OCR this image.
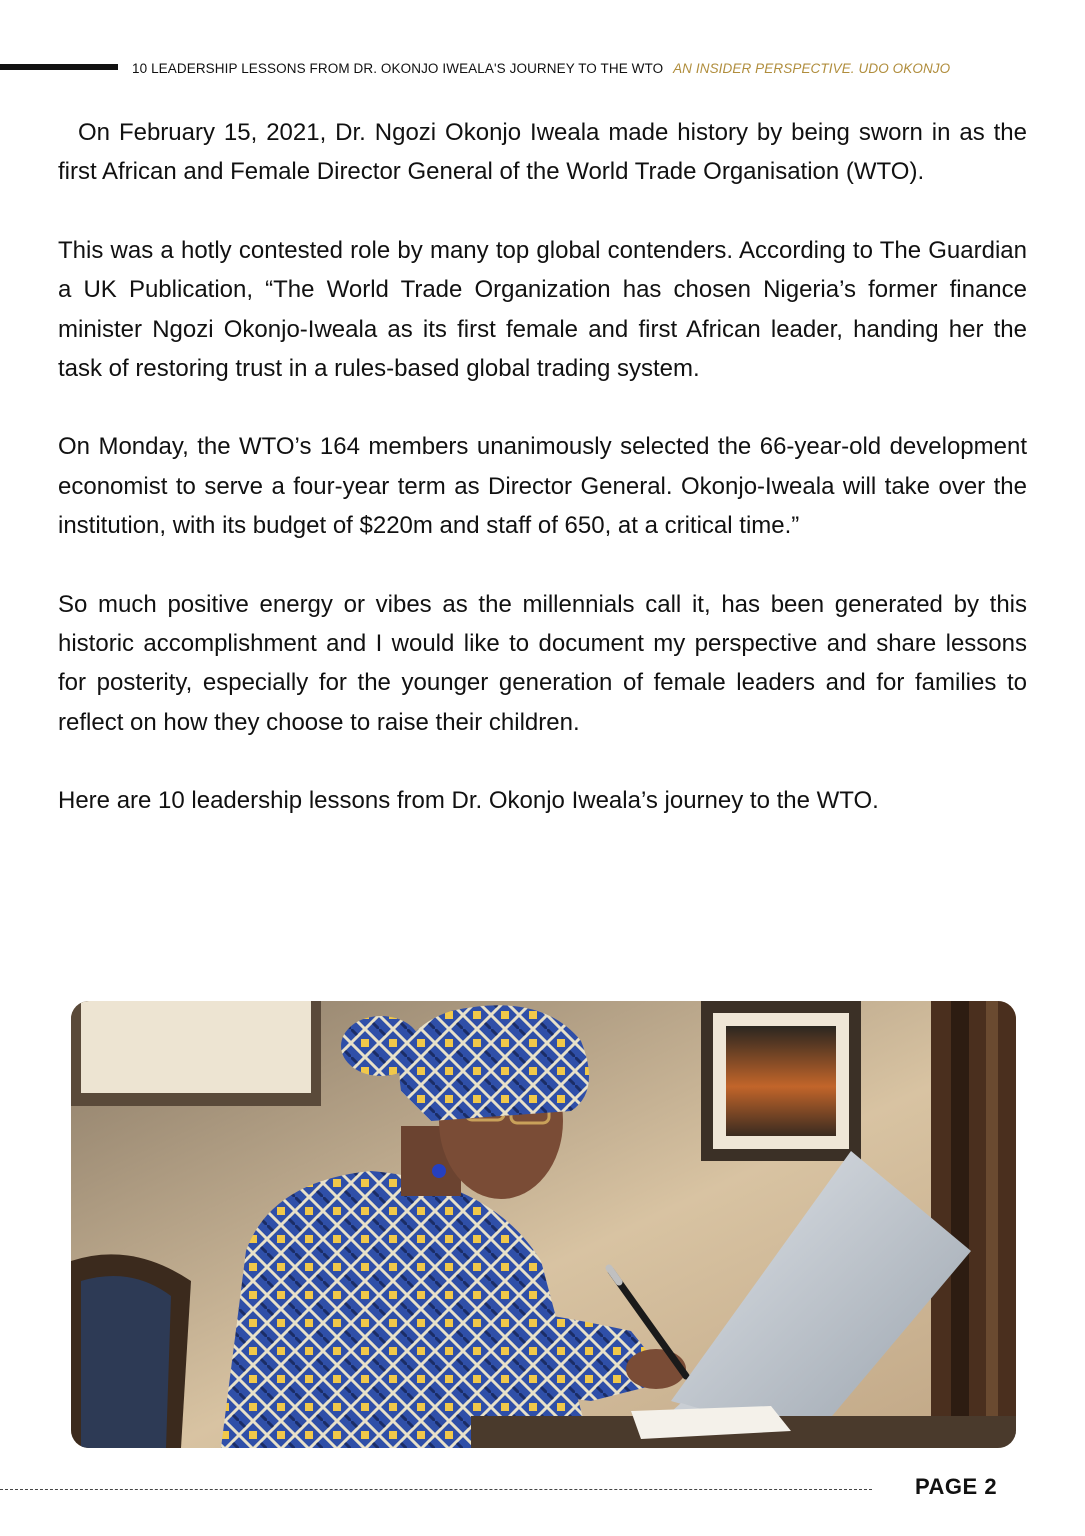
10 LEADERSHIP LESSONS FROM DR. OKONJO IWEALA'S JOURNEY TO THE WTO AN INSIDER PERSPECTIVE. UDO OKONJO

On February 15, 2021, Dr. Ngozi Okonjo Iweala made history by being sworn in as the first African and Female Director General of the World Trade Organisation (WTO).

This was a hotly contested role by many top global contenders. According to The Guardian a UK Publication, “The World Trade Organization has chosen Nigeria’s former finance minister Ngozi Okonjo-Iweala as its first female and first African leader, handing her the task of restoring trust in a rules-based global trading system.

On Monday, the WTO’s 164 members unanimously selected the 66-year-old development economist to serve a four-year term as Director General. Okonjo-Iweala will take over the institution, with its budget of $220m and staff of 650, at a critical time.”

So much positive energy or vibes as the millennials call it, has been generated by this historic accomplishment and I would like to document my perspective and share lessons for posterity, especially for the younger generation of female leaders and for families to reflect on how they choose to raise their children.

Here are 10 leadership lessons from Dr. Okonjo Iweala’s journey to the WTO.

PAGE 2
